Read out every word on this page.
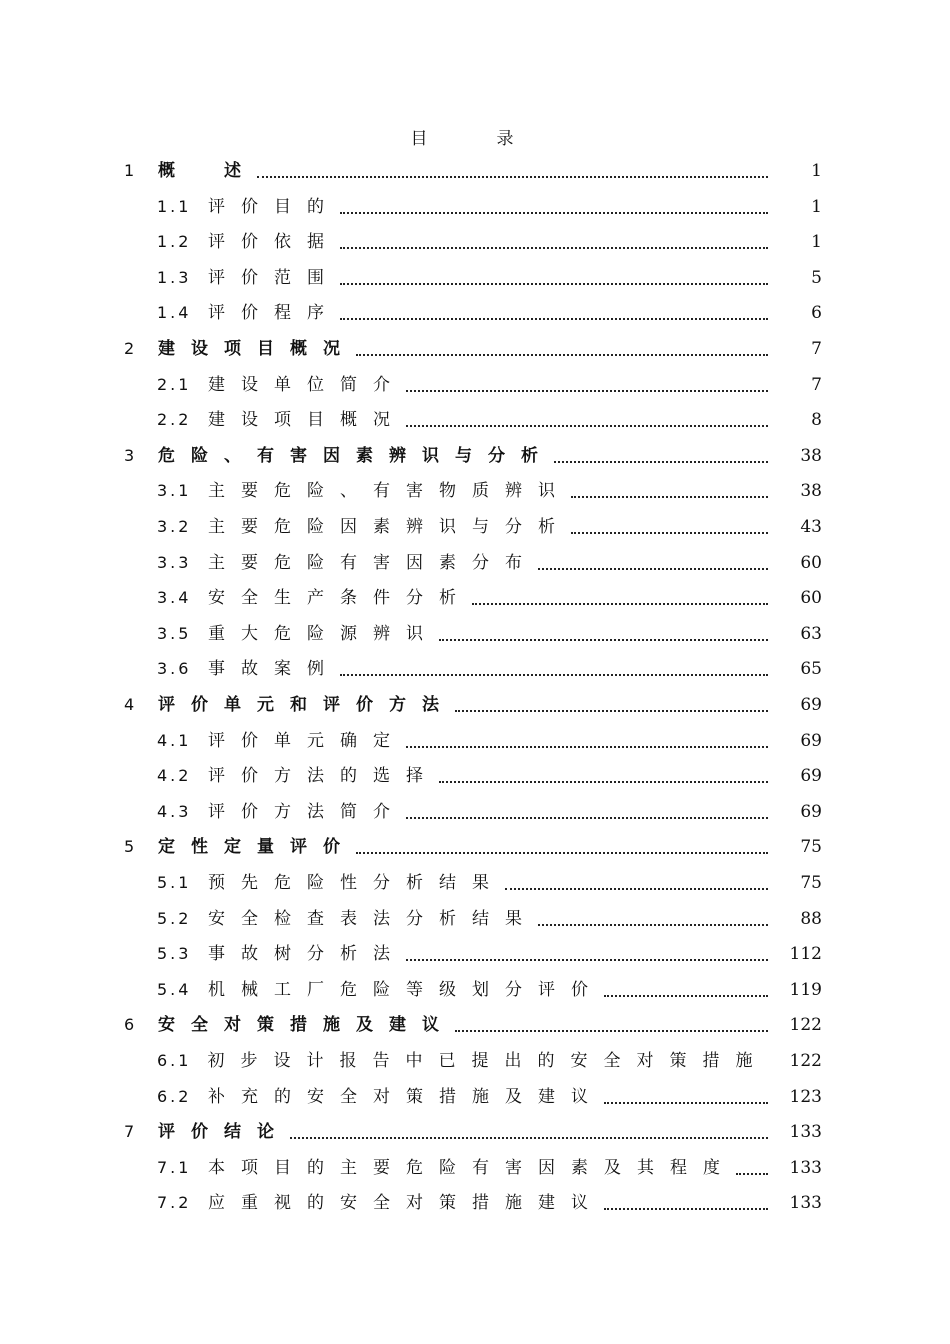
目　录
1	概　述	1
1.1 评价目的	1
1.2 评价依据	1
1.3 评价范围	5
1.4 评价程序	6
2	建设项目概况	7
2.1 建设单位简介	7
2.2 建设项目概况	8
3	危险、有害因素辨识与分析	38
3.1 主要危险、有害物质辨识	38
3.2 主要危险因素辨识与分析	43
3.3 主要危险有害因素分布	60
3.4 安全生产条件分析	60
3.5 重大危险源辨识	63
3.6 事故案例	65
4	评价单元和评价方法	69
4.1 评价单元确定	69
4.2 评价方法的选择	69
4.3 评价方法简介	69
5	定性定量评价	75
5.1 预先危险性分析结果	75
5.2 安全检查表法分析结果	88
5.3 事故树分析法	112
5.4 机械工厂危险等级划分评价	119
6	安全对策措施及建议	122
6.1 初步设计报告中已提出的安全对策措施	122
6.2 补充的安全对策措施及建议	123
7	评价结论	133
7.1 本项目的主要危险有害因素及其程度	133
7.2 应重视的安全对策措施建议	133
